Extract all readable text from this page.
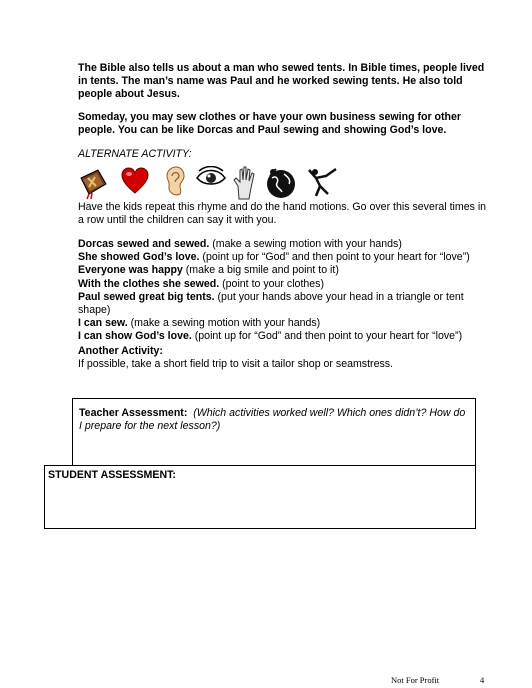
The Bible also tells us about a man who sewed tents. In Bible times, people lived in tents. The man’s name was Paul and he worked sewing tents. He also told people about Jesus.

Someday, you may sew clothes or have your own business sewing for other people. You can be like Dorcas and Paul sewing and showing God’s love.

ALTERNATE ACTIVITY:

Have the kids repeat this rhyme and do the hand motions. Go over this several times in a row until the children can say it with you.

Dorcas sewed and sewed. (make a sewing motion with your hands)

She showed God’s love. (point up for “God” and then point to your heart for “love”)

Everyone was happy (make a big smile and point to it)

With the clothes she sewed. (point to your clothes)

Paul sewed great big tents. (put your hands above your head in a triangle or tent shape)

I can sew. (make a sewing motion with your hands)

I can show God’s love. (point up for “God” and then point to your heart for “love”)

Another Activity:

If possible, take a short field trip to visit a tailor shop or seamstress.

Teacher Assessment: (Which activities worked well? Which ones didn’t? How do I prepare for the next lesson?)
STUDENT ASSESSMENT:
Not For Profit	4
